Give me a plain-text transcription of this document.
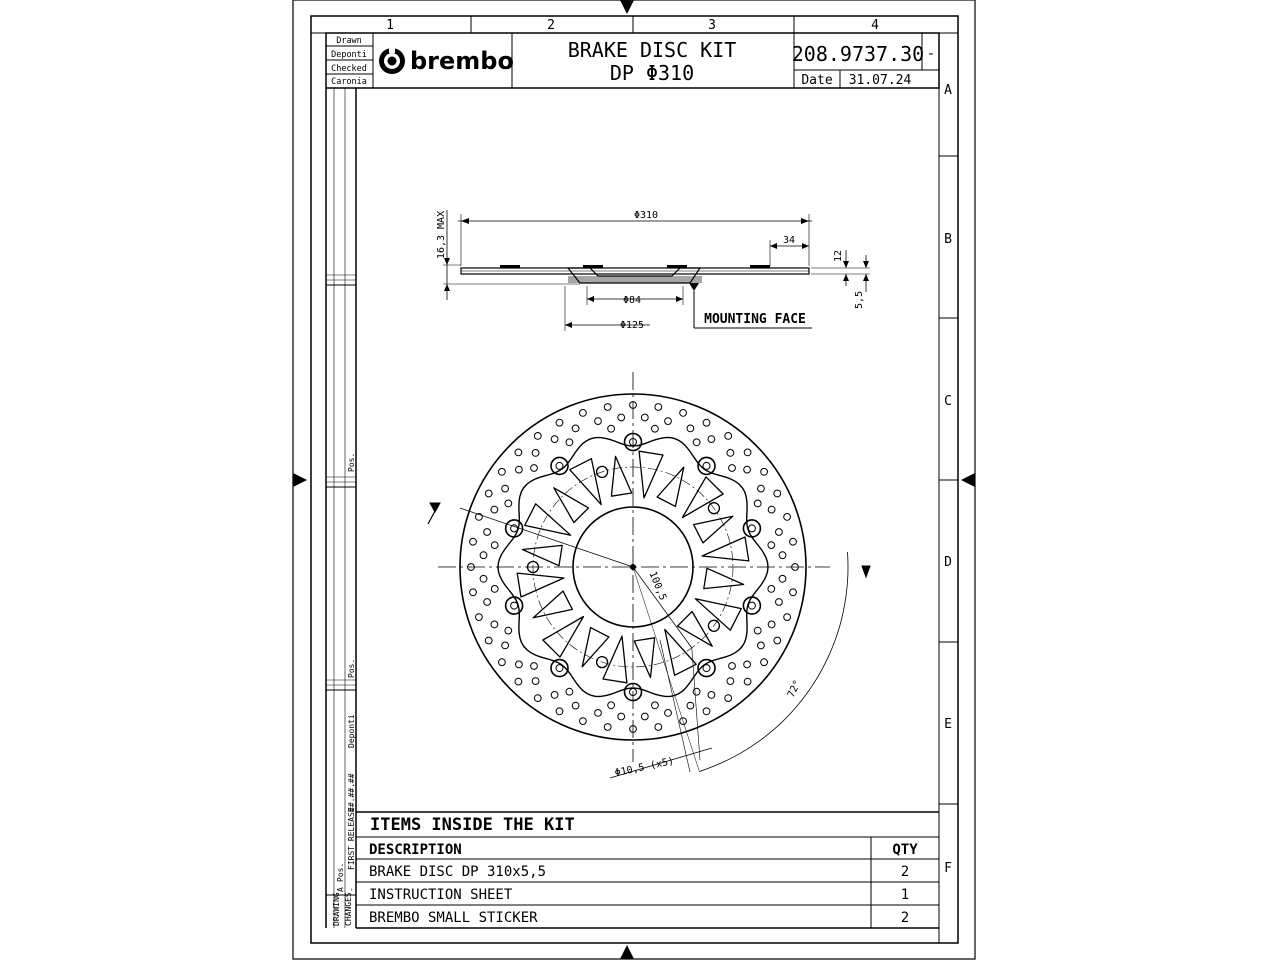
1	2	3	4
A
B
C
D
E
F
Drawn
Deponti
Checked
Caronia
brembo	BRAKE DISC KIT
DP Φ310
208.9737.30 -
Date 31.07.24
DRAWING CHANGES
A
Pos.
-
FIRST RELEASE
##.##.##
Deponti
Pos.
Pos.
Φ310
34
12
5,5
16,3 MAX
Φ84
Φ125	MOUNTING FACE
100,5
72°
Φ10,5 (x5)
ITEMS INSIDE THE KIT
DESCRIPTION	QTY
BRAKE DISC DP 310x5,5	2
INSTRUCTION SHEET	1
BREMBO SMALL STICKER	2
